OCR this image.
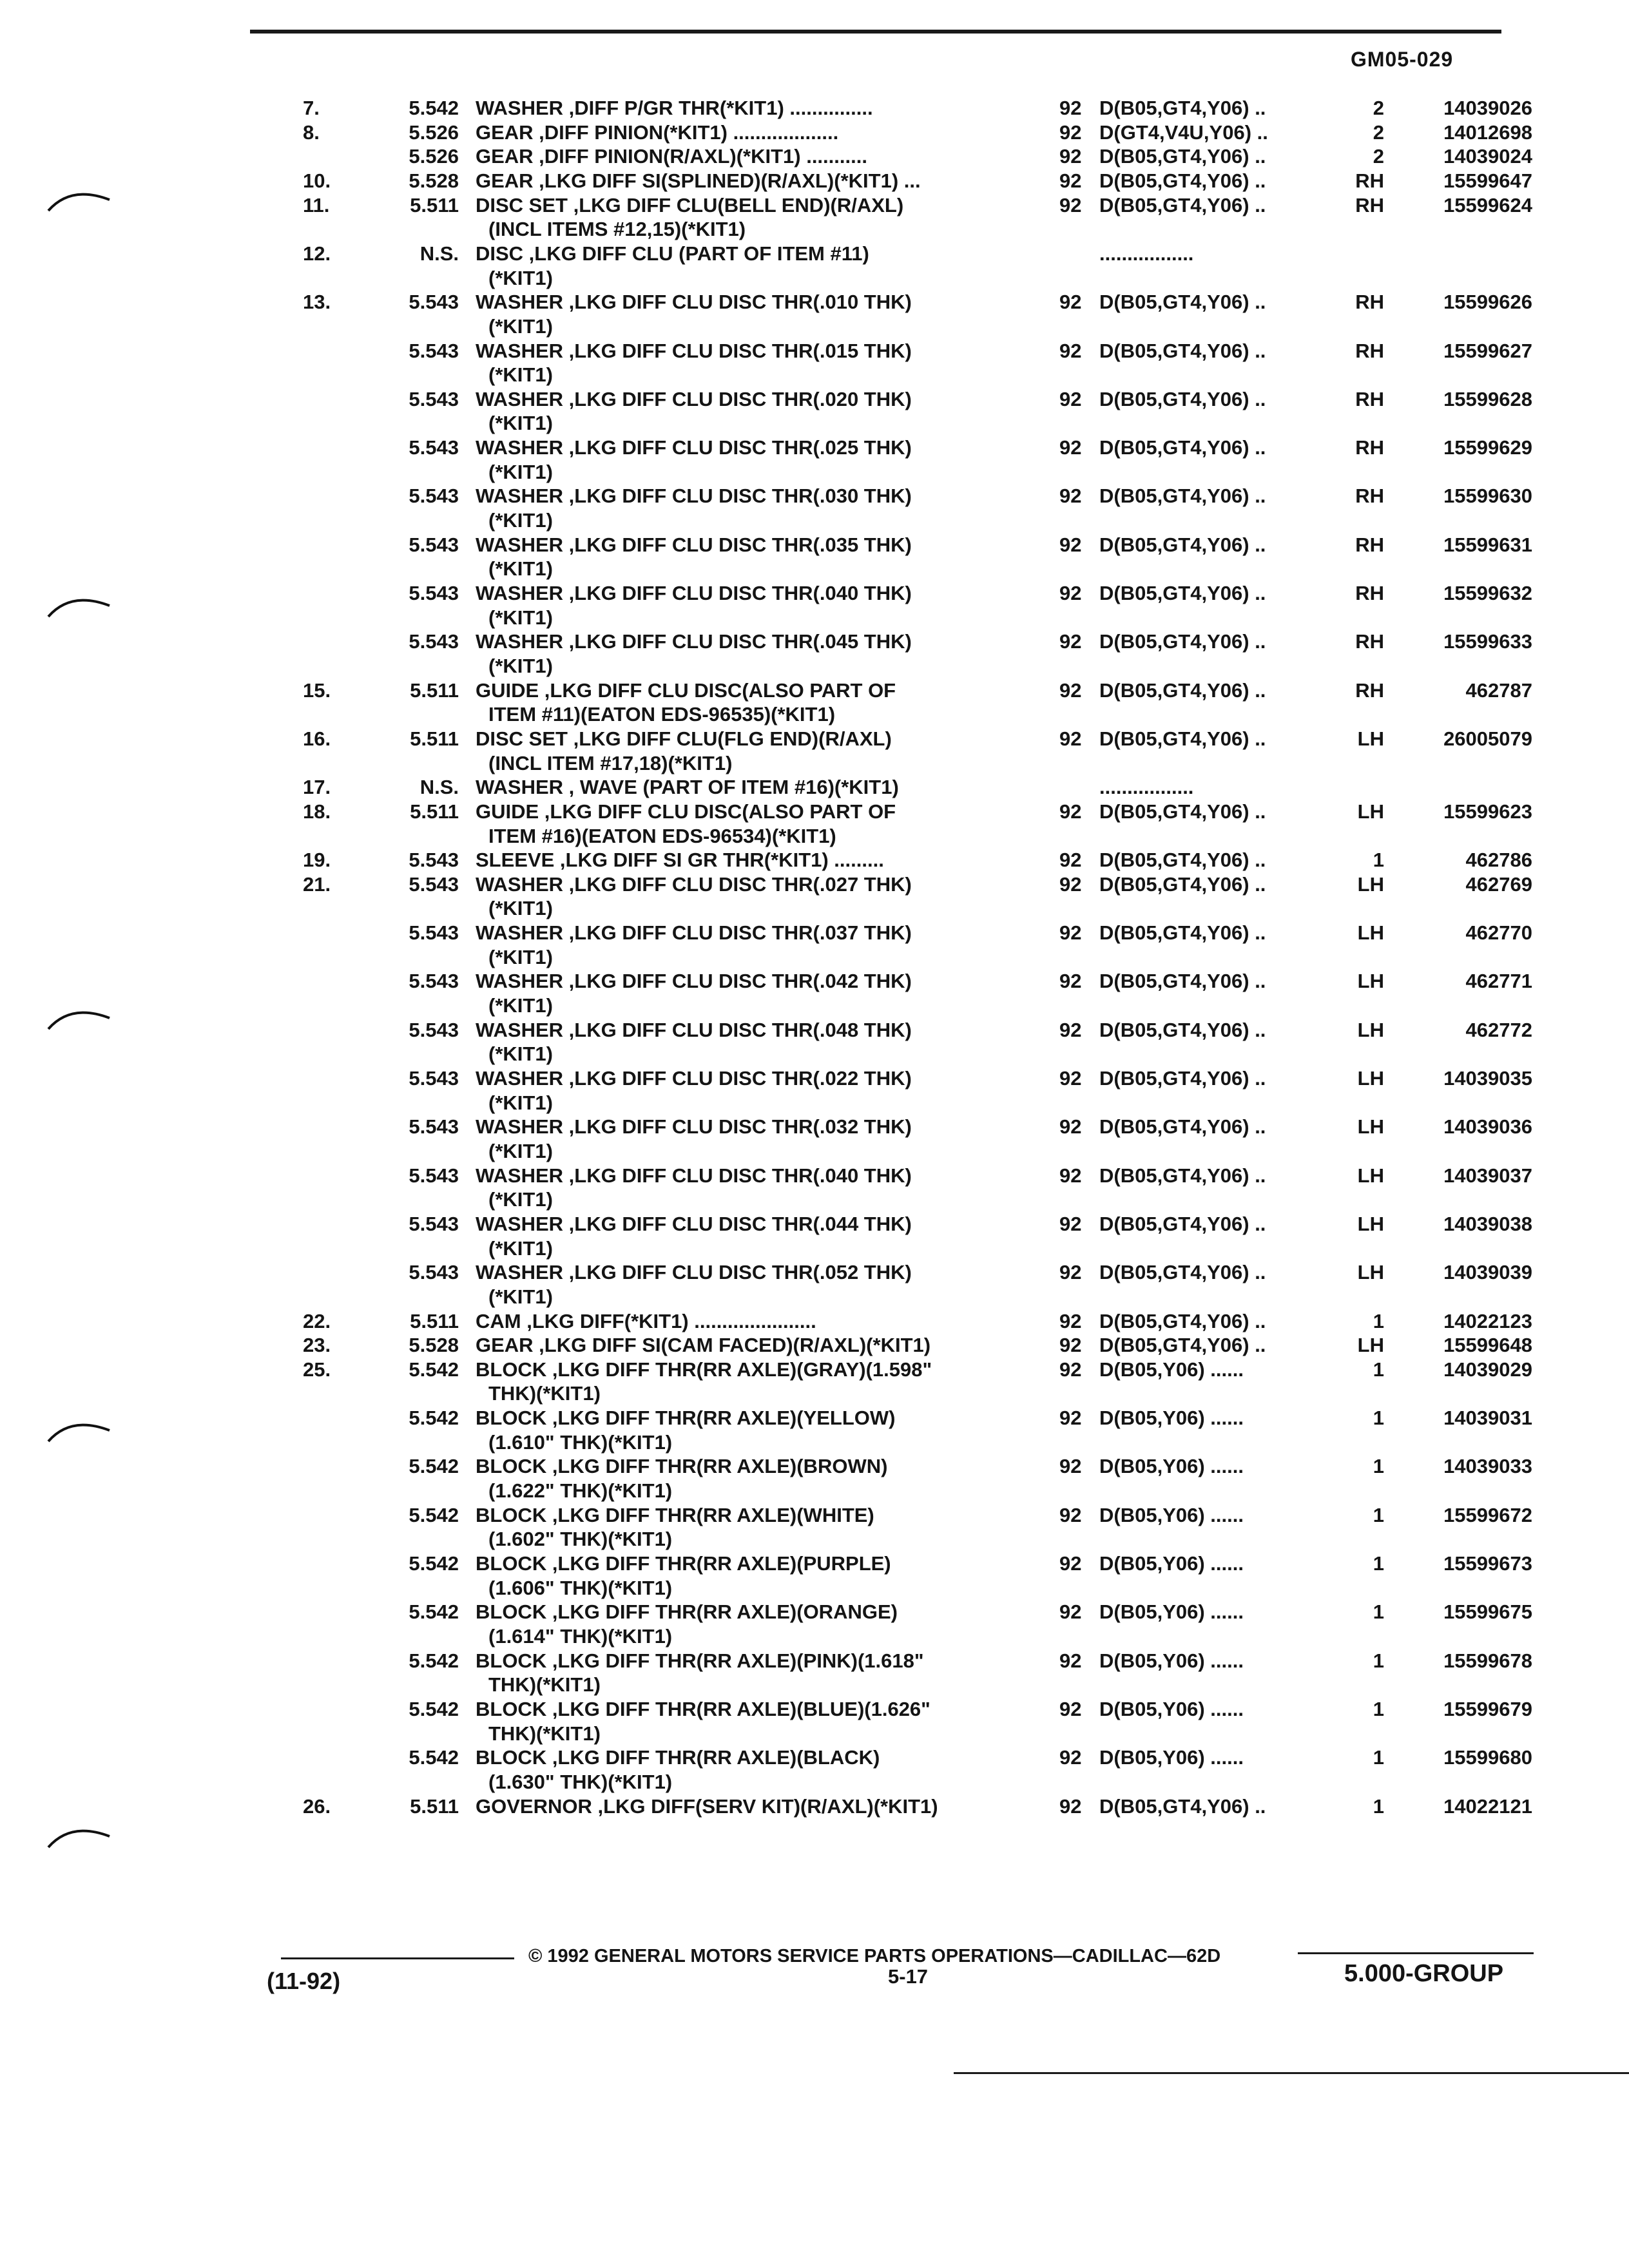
GM05-029
7.	5.542 WASHER ,DIFF P/GR THR(*KIT1) ...............	92 D(B05,GT4,Y06) ..	2	14039026
8.	5.526 GEAR ,DIFF PINION(*KIT1) ...................	92 D(GT4,V4U,Y06) ..	2	14012698
5.526 GEAR ,DIFF PINION(R/AXL)(*KIT1) ...........	92 D(B05,GT4,Y06) ..	2	14039024
10.	5.528 GEAR ,LKG DIFF SI(SPLINED)(R/AXL)(*KIT1) ...	92 D(B05,GT4,Y06) ..	RH	15599647
11.	5.511 DISC SET ,LKG DIFF CLU(BELL END)(R/AXL)	92 D(B05,GT4,Y06) ..	RH	15599624
(INCL ITEMS #12,15)(*KIT1)
12.	N.S. DISC ,LKG DIFF CLU (PART OF ITEM #11)	.................
(*KIT1)
13.	5.543 WASHER ,LKG DIFF CLU DISC THR(.010 THK)	92 D(B05,GT4,Y06) ..	RH	15599626
(*KIT1)
5.543 WASHER ,LKG DIFF CLU DISC THR(.015 THK)	92 D(B05,GT4,Y06) ..	RH	15599627
(*KIT1)
5.543 WASHER ,LKG DIFF CLU DISC THR(.020 THK)	92 D(B05,GT4,Y06) ..	RH	15599628
(*KIT1)
5.543 WASHER ,LKG DIFF CLU DISC THR(.025 THK)	92 D(B05,GT4,Y06) ..	RH	15599629
(*KIT1)
5.543 WASHER ,LKG DIFF CLU DISC THR(.030 THK)	92 D(B05,GT4,Y06) ..	RH	15599630
(*KIT1)
5.543 WASHER ,LKG DIFF CLU DISC THR(.035 THK)	92 D(B05,GT4,Y06) ..	RH	15599631
(*KIT1)
5.543 WASHER ,LKG DIFF CLU DISC THR(.040 THK)	92 D(B05,GT4,Y06) ..	RH	15599632
(*KIT1)
5.543 WASHER ,LKG DIFF CLU DISC THR(.045 THK)	92 D(B05,GT4,Y06) ..	RH	15599633
(*KIT1)
15.	5.511 GUIDE ,LKG DIFF CLU DISC(ALSO PART OF	92 D(B05,GT4,Y06) ..	RH	462787
ITEM #11)(EATON EDS-96535)(*KIT1)
16.	5.511 DISC SET ,LKG DIFF CLU(FLG END)(R/AXL)	92 D(B05,GT4,Y06) ..	LH	26005079
(INCL ITEM #17,18)(*KIT1)
17.	N.S. WASHER , WAVE (PART OF ITEM #16)(*KIT1)	.................
18.	5.511 GUIDE ,LKG DIFF CLU DISC(ALSO PART OF	92 D(B05,GT4,Y06) ..	LH	15599623
ITEM #16)(EATON EDS-96534)(*KIT1)
19.	5.543 SLEEVE ,LKG DIFF SI GR THR(*KIT1) .........	92 D(B05,GT4,Y06) ..	1	462786
21.	5.543 WASHER ,LKG DIFF CLU DISC THR(.027 THK)	92 D(B05,GT4,Y06) ..	LH	462769
(*KIT1)
5.543 WASHER ,LKG DIFF CLU DISC THR(.037 THK)	92 D(B05,GT4,Y06) ..	LH	462770
(*KIT1)
5.543 WASHER ,LKG DIFF CLU DISC THR(.042 THK)	92 D(B05,GT4,Y06) ..	LH	462771
(*KIT1)
5.543 WASHER ,LKG DIFF CLU DISC THR(.048 THK)	92 D(B05,GT4,Y06) ..	LH	462772
(*KIT1)
5.543 WASHER ,LKG DIFF CLU DISC THR(.022 THK)	92 D(B05,GT4,Y06) ..	LH	14039035
(*KIT1)
5.543 WASHER ,LKG DIFF CLU DISC THR(.032 THK)	92 D(B05,GT4,Y06) ..	LH	14039036
(*KIT1)
5.543 WASHER ,LKG DIFF CLU DISC THR(.040 THK)	92 D(B05,GT4,Y06) ..	LH	14039037
(*KIT1)
5.543 WASHER ,LKG DIFF CLU DISC THR(.044 THK)	92 D(B05,GT4,Y06) ..	LH	14039038
(*KIT1)
5.543 WASHER ,LKG DIFF CLU DISC THR(.052 THK)	92 D(B05,GT4,Y06) ..	LH	14039039
(*KIT1)
22.	5.511 CAM ,LKG DIFF(*KIT1) ......................	92 D(B05,GT4,Y06) ..	1	14022123
23.	5.528 GEAR ,LKG DIFF SI(CAM FACED)(R/AXL)(*KIT1)	92 D(B05,GT4,Y06) ..	LH	15599648
25.	5.542 BLOCK ,LKG DIFF THR(RR AXLE)(GRAY)(1.598"	92 D(B05,Y06) ......	1	14039029
THK)(*KIT1)
5.542 BLOCK ,LKG DIFF THR(RR AXLE)(YELLOW)	92 D(B05,Y06) ......	1	14039031
(1.610" THK)(*KIT1)
5.542 BLOCK ,LKG DIFF THR(RR AXLE)(BROWN)	92 D(B05,Y06) ......	1	14039033
(1.622" THK)(*KIT1)
5.542 BLOCK ,LKG DIFF THR(RR AXLE)(WHITE)	92 D(B05,Y06) ......	1	15599672
(1.602" THK)(*KIT1)
5.542 BLOCK ,LKG DIFF THR(RR AXLE)(PURPLE)	92 D(B05,Y06) ......	1	15599673
(1.606" THK)(*KIT1)
5.542 BLOCK ,LKG DIFF THR(RR AXLE)(ORANGE)	92 D(B05,Y06) ......	1	15599675
(1.614" THK)(*KIT1)
5.542 BLOCK ,LKG DIFF THR(RR AXLE)(PINK)(1.618"	92 D(B05,Y06) ......	1	15599678
THK)(*KIT1)
5.542 BLOCK ,LKG DIFF THR(RR AXLE)(BLUE)(1.626"	92 D(B05,Y06) ......	1	15599679
THK)(*KIT1)
5.542 BLOCK ,LKG DIFF THR(RR AXLE)(BLACK)	92 D(B05,Y06) ......	1	15599680
(1.630" THK)(*KIT1)
26.	5.511 GOVERNOR ,LKG DIFF(SERV KIT)(R/AXL)(*KIT1)	92 D(B05,GT4,Y06) ..	1	14022121
© 1992 GENERAL MOTORS SERVICE PARTS OPERATIONS—CADILLAC—62D
(11-92)	5-17	5.000-GROUP
